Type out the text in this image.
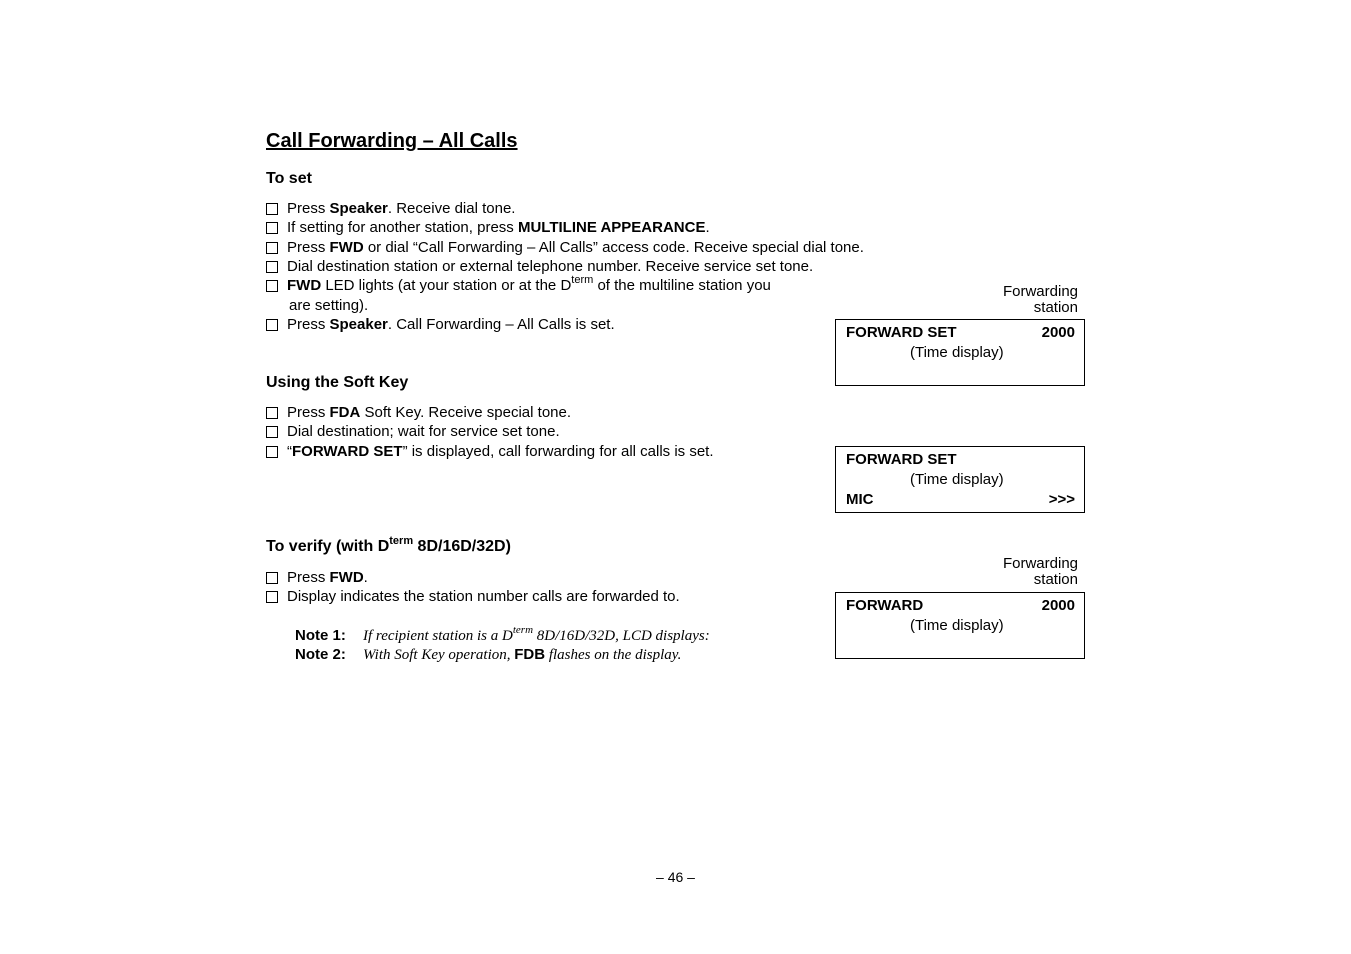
Call Forwarding – All Calls
To set
Press Speaker. Receive dial tone.
If setting for another station, press MULTILINE APPEARANCE.
Press FWD or dial “Call Forwarding – All Calls” access code. Receive special dial tone.
Dial destination station or external telephone number. Receive service set tone.
FWD LED lights (at your station or at the $D^{term}$ of the multiline station you
are setting).
Press Speaker. Call Forwarding – All Calls is set.
Forwarding
station
FORWARD SET	2000
(Time display)
Using the Soft Key
Press FDA Soft Key. Receive special tone.
Dial destination; wait for service set tone.
“FORWARD SET” is displayed, call forwarding for all calls is set.	FORWARD SET
(Time display)
MIC	>>>
To verify (with $D^{term}$ 8D/16D/32D)
Press FWD.
Display indicates the station number calls are forwarded to.
Forwarding
station
FORWARD	2000
(Time display)
Note 1: If recipient station is a $D^{term}$ 8D/16D/32D, LCD displays:
Note 2: With Soft Key operation, FDB flashes on the display.
– 46 –
